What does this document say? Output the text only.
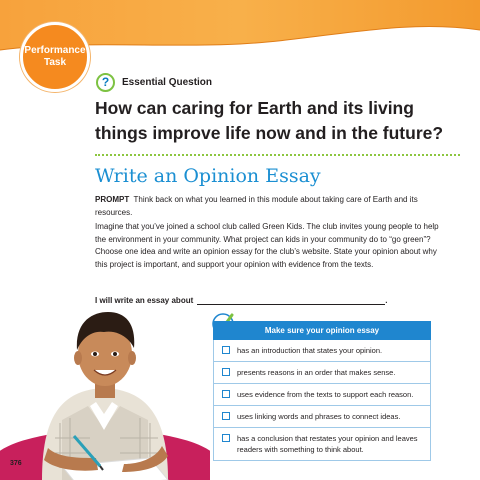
Performance
Task
?	Essential Question
How can caring for Earth and its living things improve life now and in the future?
Write an Opinion Essay
PROMPT Think back on what you learned in this module about taking care of Earth and its resources.
Imagine that you’ve joined a school club called Green Kids. The club invites young people to help the environment in your community. What project can kids in your community do to “go green”? Choose one idea and write an opinion essay for the club’s website. State your opinion about why this project is important, and support your opinion with evidence from the texts.
I will write an essay about	.
376
Make sure your opinion essay
has an introduction that states your opinion.
presents reasons in an order that makes sense.
uses evidence from the texts to support each reason.
uses linking words and phrases to connect ideas.
has a conclusion that restates your opinion and leaves readers with something to think about.
